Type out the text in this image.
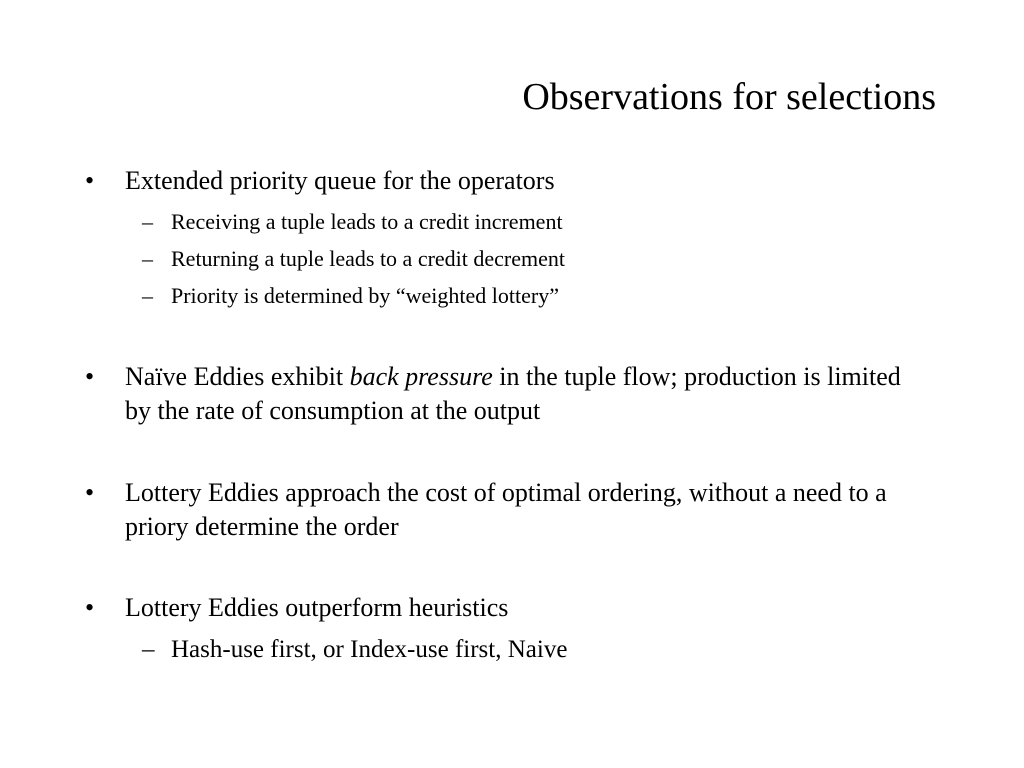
Observations for selections
• Extended priority queue for the operators
– Receiving a tuple leads to a credit increment
– Returning a tuple leads to a credit decrement
– Priority is determined by “weighted lottery”
• Naïve Eddies exhibit back pressure in the tuple flow; production is limited by the rate of consumption at the output
• Lottery Eddies approach the cost of optimal ordering, without a need to a priory determine the order
• Lottery Eddies outperform heuristics
– Hash-use first, or Index-use first, Naive
